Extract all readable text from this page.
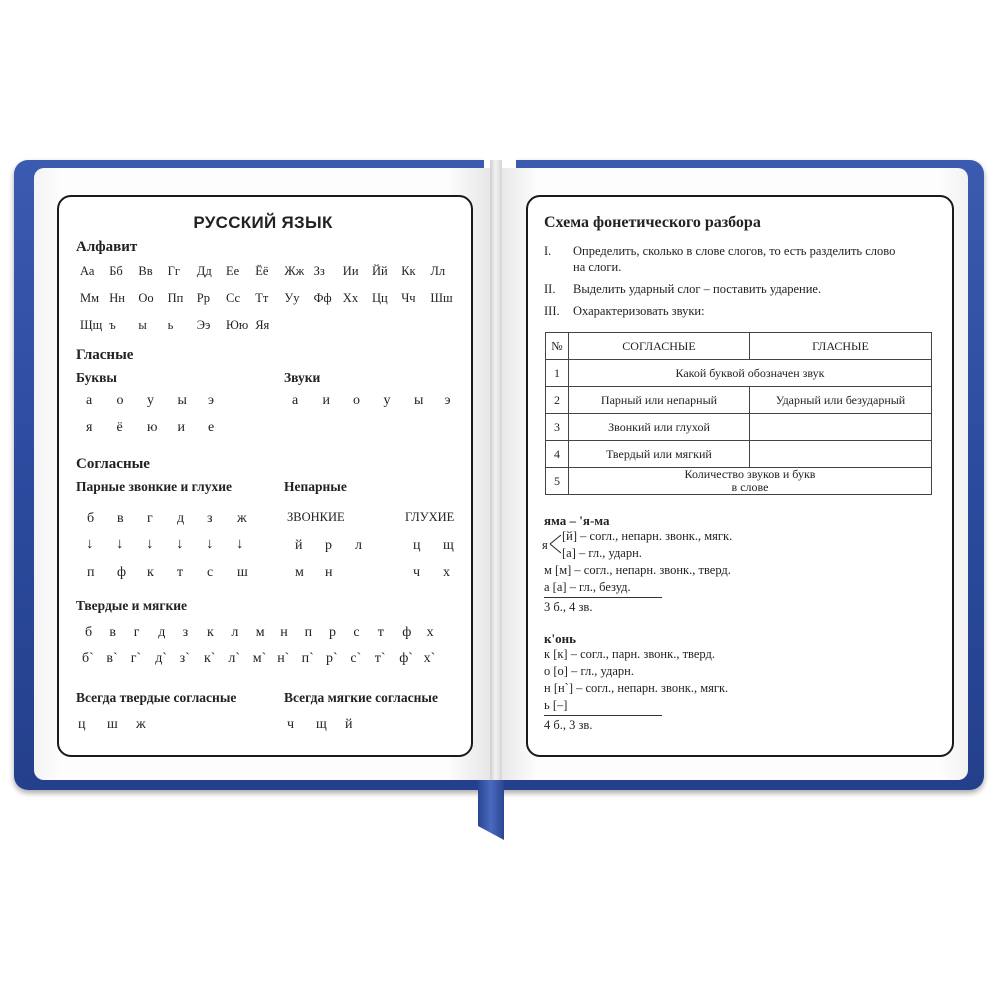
РУССКИЙ ЯЗЫК
Алфавит
Аа Бб Вв Гг Дд Ее Ёё Жж Зз Ии Йй Кк Лл
Мм Нн Оо Пп Рр Сс Тт Уу Фф Хх Цц Чч Шш
Щщ ъ ы ь Ээ Юю Яя
Гласные
Буквы	Звуки
а о у ы э
я ё ю и е
а и о у ы э
Согласные
Парные звонкие и глухие	Непарные
ЗВОНКИЕ	ГЛУХИЕ
б в г д з ж
↓ ↓ ↓ ↓ ↓ ↓
п ф к т с ш
й р л
м н
ц щ
ч х
Твердые и мягкие
б в г д з к л м н п р с т ф х
б` в` г` д` з` к` л` м` н` п` р` с` т` ф` х`
Всегда твердые согласные	Всегда мягкие согласные
ц ш ж	ч щ й
Схема фонетического разбора
I. Определить, сколько в слове слогов, то есть разделить слово
на слоги.
II. Выделить ударный слог – поставить ударение.
III. Охарактеризовать звуки:
№	СОГЛАСНЫЕ	ГЛАСНЫЕ
1	Какой буквой обозначен звук	
2	Парный или непарный	Ударный или безударный
3	Звонкий или глухой	
4	Твердый или мягкий	
5	Количество звуков и букв
в слове	
яма – 'я-ма
я
[й] – согл., непарн. звонк., мягк.
[а] – гл., ударн.
м [м] – согл., непарн. звонк., тверд.
а [а] – гл., безуд.
3 б., 4 зв.
к'онь
к [к] – согл., парн. звонк., тверд.
о [о] – гл., ударн.
н [н`] – согл., непарн. звонк., мягк.
ь [–]
4 б., 3 зв.
